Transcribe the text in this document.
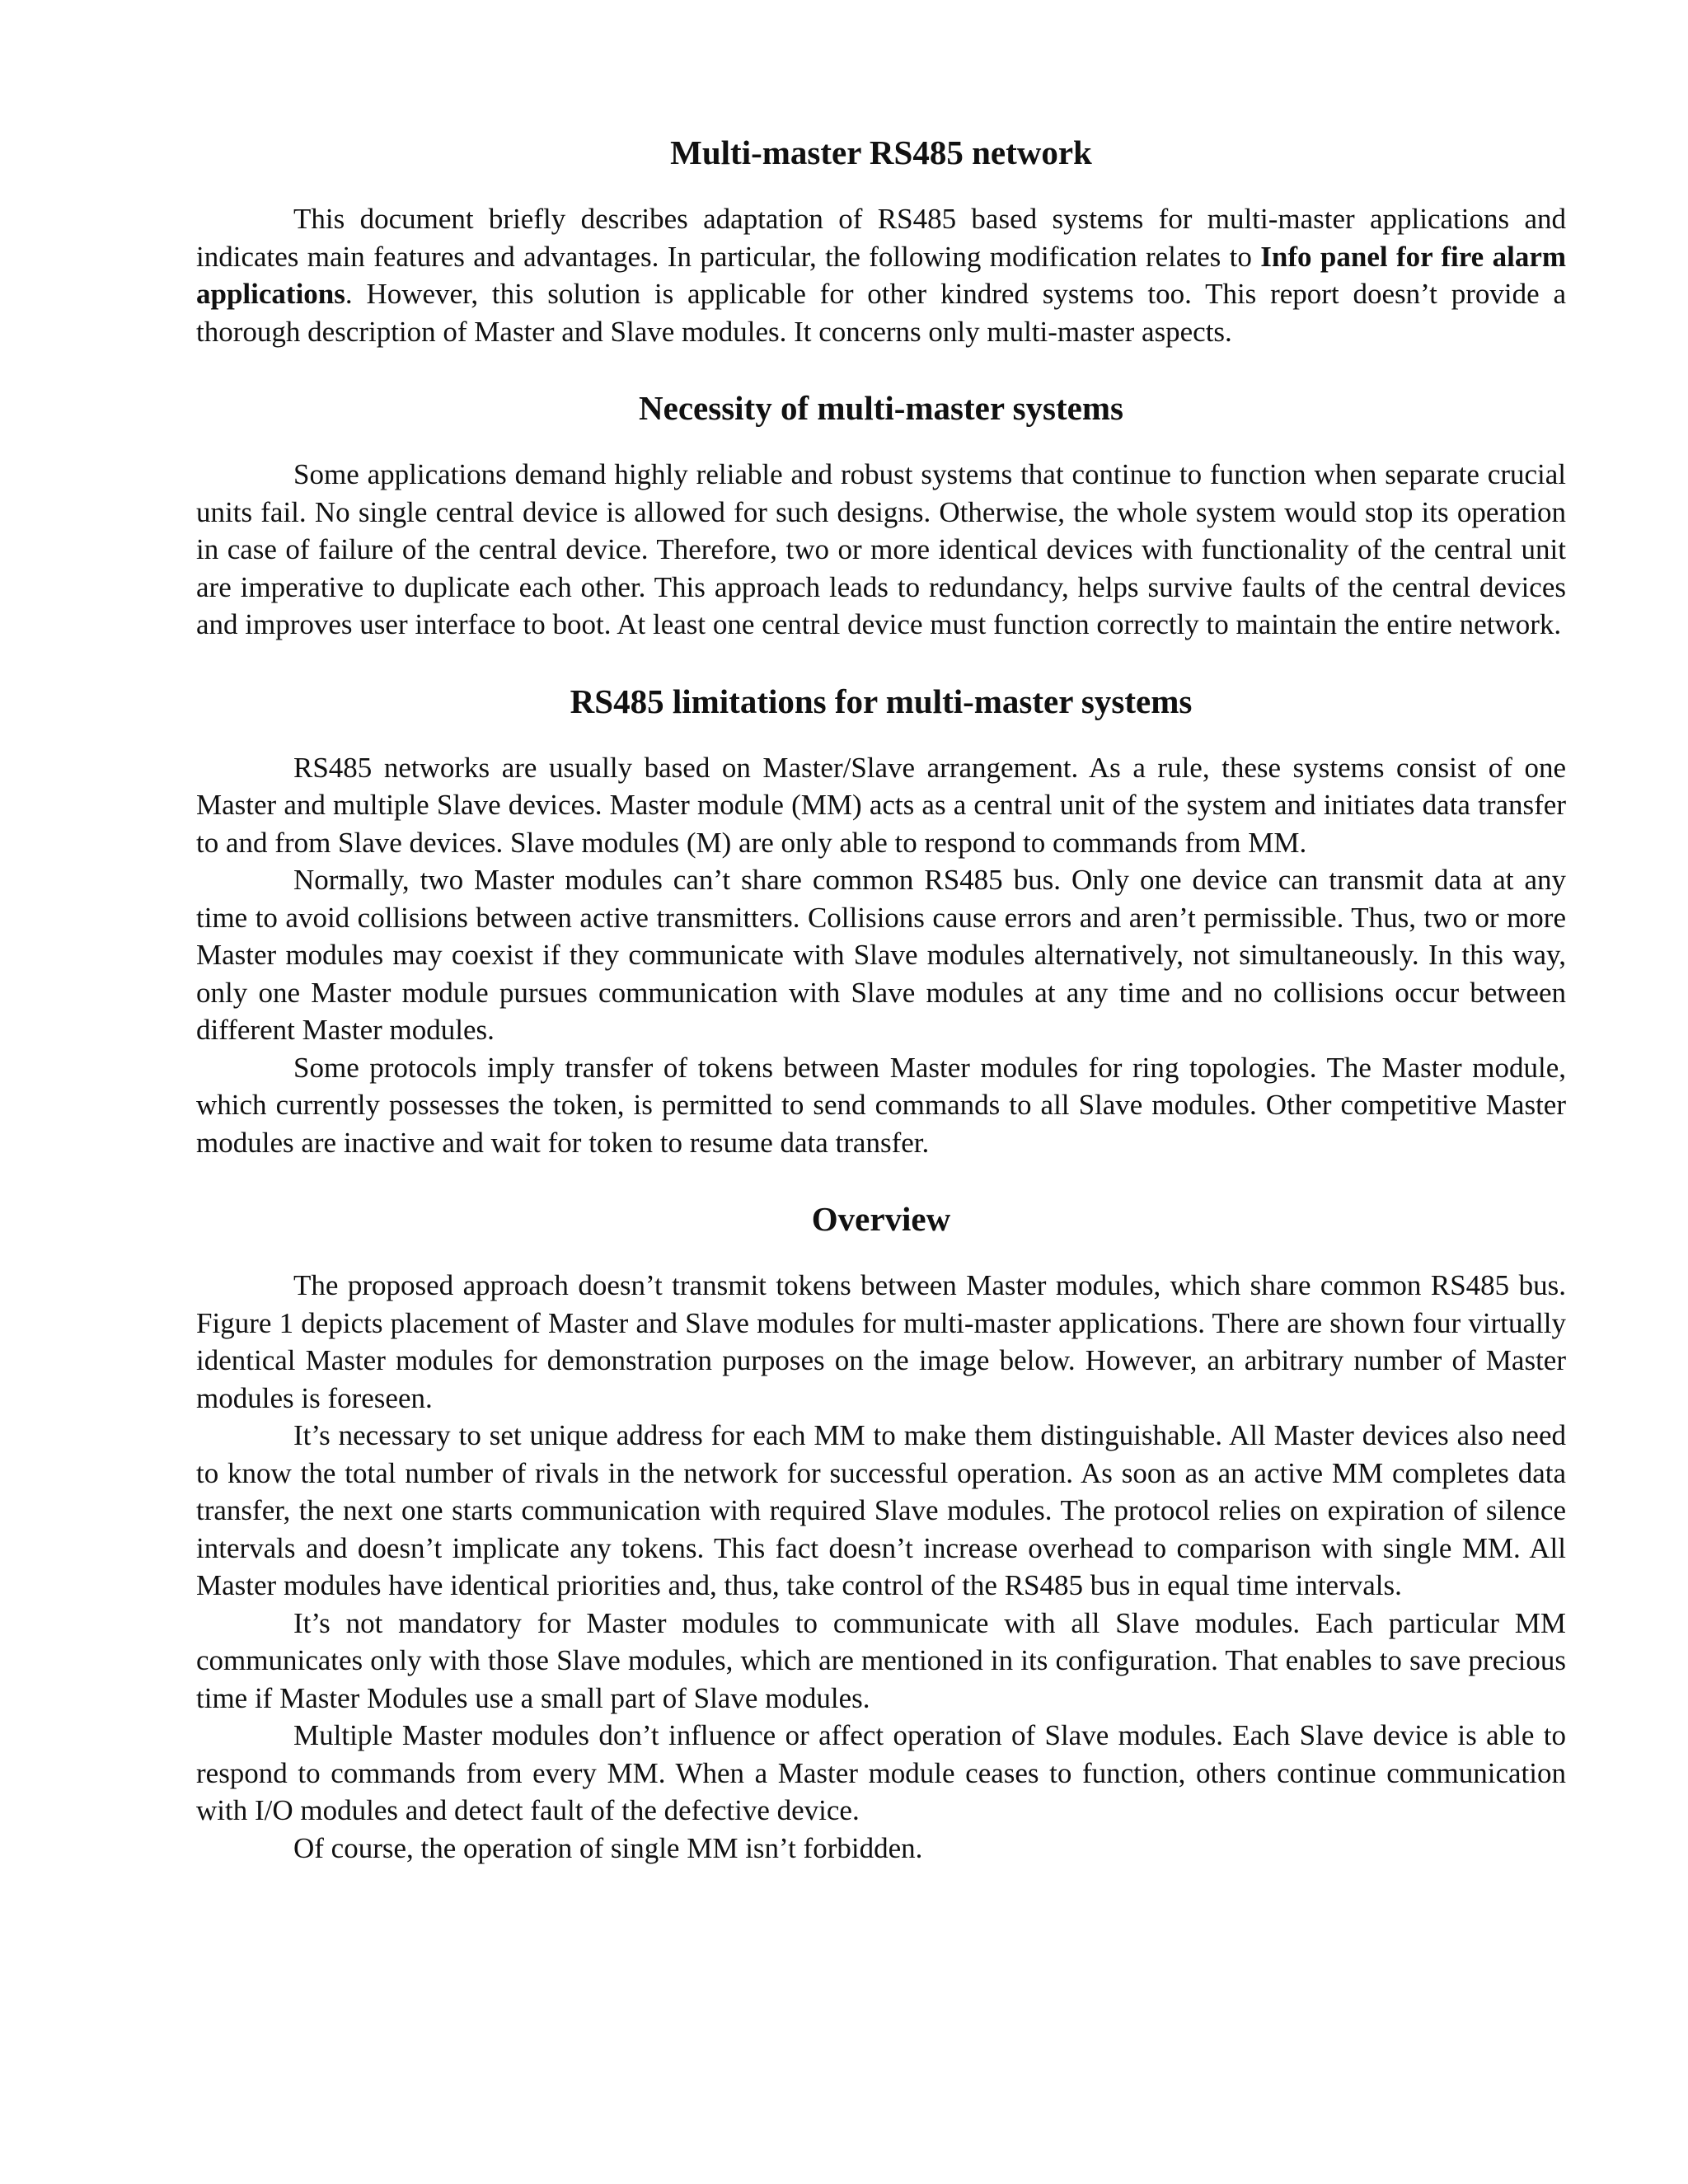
Multi-master RS485 network

This document briefly describes adaptation of RS485 based systems for multi-master applications and indicates main features and advantages. In particular, the following modification relates to Info panel for fire alarm applications. However, this solution is applicable for other kindred systems too. This report doesn’t provide a thorough description of Master and Slave modules. It concerns only multi-master aspects.

Necessity of multi-master systems

Some applications demand highly reliable and robust systems that continue to function when separate crucial units fail. No single central device is allowed for such designs. Otherwise, the whole system would stop its operation in case of failure of the central device. Therefore, two or more identical devices with functionality of the central unit are imperative to duplicate each other. This approach leads to redundancy, helps survive faults of the central devices and improves user interface to boot. At least one central device must function correctly to maintain the entire network.

RS485 limitations for multi-master systems

RS485 networks are usually based on Master/Slave arrangement. As a rule, these systems consist of one Master and multiple Slave devices. Master module (MM) acts as a central unit of the system and initiates data transfer to and from Slave devices. Slave modules (M) are only able to respond to commands from MM.

Normally, two Master modules can’t share common RS485 bus. Only one device can transmit data at any time to avoid collisions between active transmitters. Collisions cause errors and aren’t permissible. Thus, two or more Master modules may coexist if they communicate with Slave modules alternatively, not simultaneously. In this way, only one Master module pursues communication with Slave modules at any time and no collisions occur between different Master modules.

Some protocols imply transfer of tokens between Master modules for ring topologies. The Master module, which currently possesses the token, is permitted to send commands to all Slave modules. Other competitive Master modules are inactive and wait for token to resume data transfer.

Overview

The proposed approach doesn’t transmit tokens between Master modules, which share common RS485 bus. Figure 1 depicts placement of Master and Slave modules for multi-master applications. There are shown four virtually identical Master modules for demonstration purposes on the image below. However, an arbitrary number of Master modules is foreseen.

It’s necessary to set unique address for each MM to make them distinguishable. All Master devices also need to know the total number of rivals in the network for successful operation. As soon as an active MM completes data transfer, the next one starts communication with required Slave modules. The protocol relies on expiration of silence intervals and doesn’t implicate any tokens. This fact doesn’t increase overhead to comparison with single MM. All Master modules have identical priorities and, thus, take control of the RS485 bus in equal time intervals.

It’s not mandatory for Master modules to communicate with all Slave modules. Each particular MM communicates only with those Slave modules, which are mentioned in its configuration. That enables to save precious time if Master Modules use a small part of Slave modules.

Multiple Master modules don’t influence or affect operation of Slave modules. Each Slave device is able to respond to commands from every MM. When a Master module ceases to function, others continue communication with I/O modules and detect fault of the defective device.

Of course, the operation of single MM isn’t forbidden.
